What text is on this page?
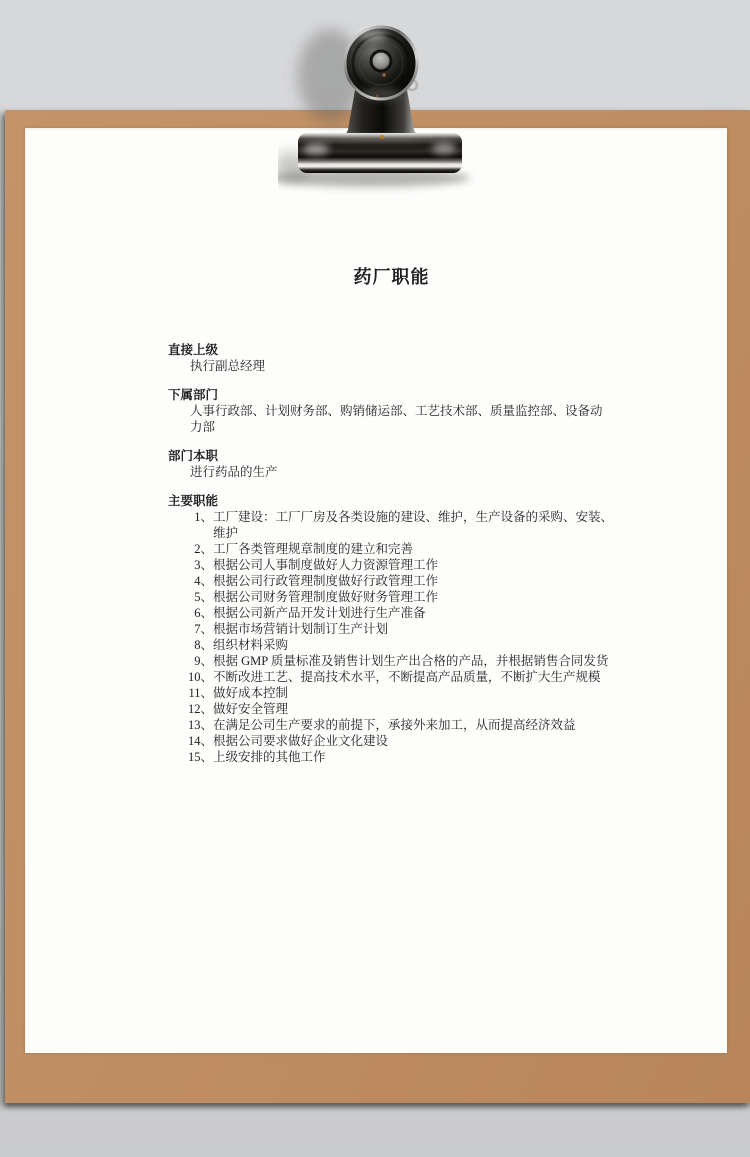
药厂职能
直接上级
执行副总经理
下属部门
人事行政部、计划财务部、购销储运部、工艺技术部、质量监控部、设备动力部
部门本职
进行药品的生产
主要职能
1、 工厂建设：工厂厂房及各类设施的建设、维护，生产设备的采购、安装、维护
2、 工厂各类管理规章制度的建立和完善
3、 根据公司人事制度做好人力资源管理工作
4、 根据公司行政管理制度做好行政管理工作
5、 根据公司财务管理制度做好财务管理工作
6、 根据公司新产品开发计划进行生产准备
7、 根据市场营销计划制订生产计划
8、 组织材料采购
9、 根据 GMP 质量标准及销售计划生产出合格的产品，并根据销售合同发货
10、 不断改进工艺、提高技术水平，不断提高产品质量，不断扩大生产规模
11、 做好成本控制
12、 做好安全管理
13、 在满足公司生产要求的前提下，承接外来加工，从而提高经济效益
14、 根据公司要求做好企业文化建设
15、 上级安排的其他工作
